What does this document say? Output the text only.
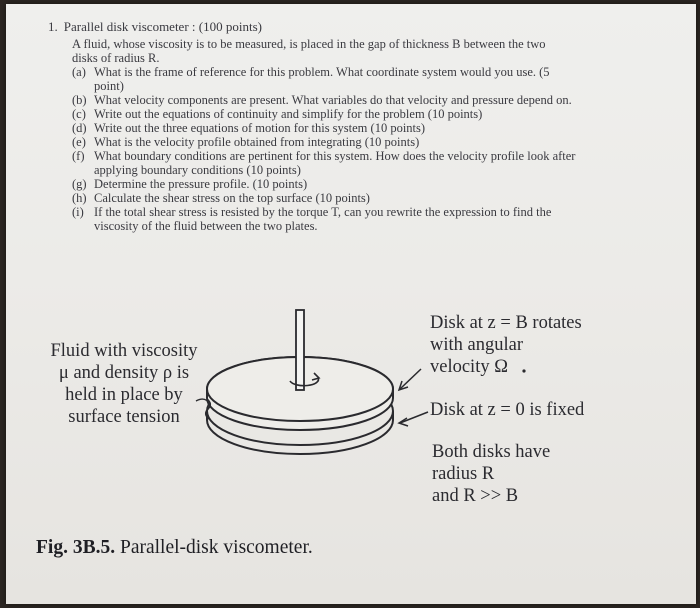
1. Parallel disk viscometer : (100 points)
A fluid, whose viscosity is to be measured, is placed in the gap of thickness B between the two
disks of radius R.
(a) What is the frame of reference for this problem. What coordinate system would you use. (5
point)
(b) What velocity components are present. What variables do that velocity and pressure depend on.
(c) Write out the equations of continuity and simplify for the problem (10 points)
(d) Write out the three equations of motion for this system (10 points)
(e) What is the velocity profile obtained from integrating (10 points)
(f) What boundary conditions are pertinent for this system. How does the velocity profile look after
applying boundary conditions (10 points)
(g) Determine the pressure profile. (10 points)
(h) Calculate the shear stress on the top surface (10 points)
(i) If the total shear stress is resisted by the torque T, can you rewrite the expression to find the
viscosity of the fluid between the two plates.
Fluid with viscosity
μ and density ρ is
held in place by
surface tension
Disk at z = B rotates
with angular
velocity Ω
Disk at z = 0 is fixed
Both disks have
radius R
and R >> B
Fig. 3B.5. Parallel-disk viscometer.
